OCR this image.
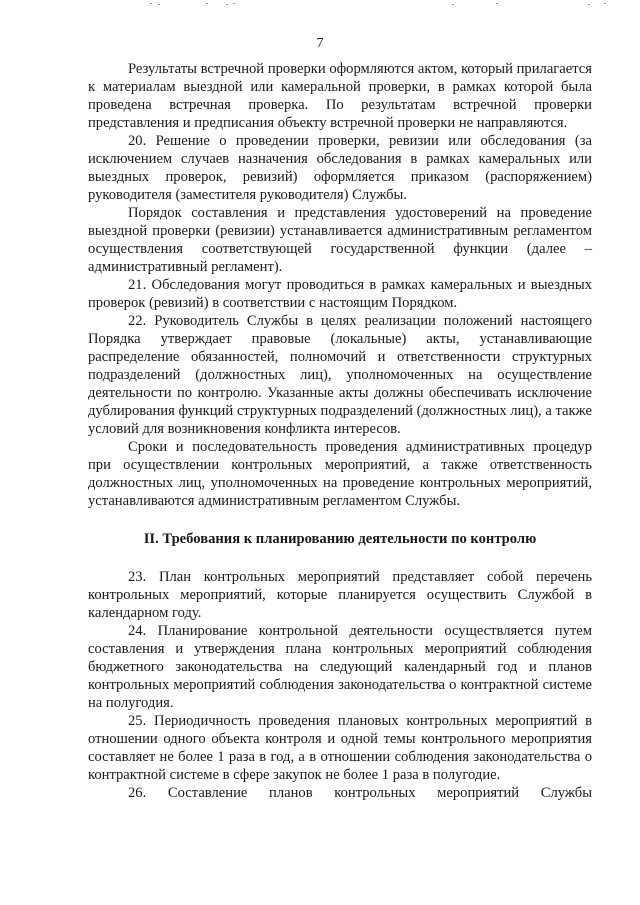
7

Результаты встречной проверки оформляются актом, который прилагается к материалам выездной или камеральной проверки, в рамках которой была проведена встречная проверка. По результатам встречной проверки представления и предписания объекту встречной проверки не направляются.

20. Решение о проведении проверки, ревизии или обследования (за исключением случаев назначения обследования в рамках камеральных или выездных проверок, ревизий) оформляется приказом (распоряжением) руководителя (заместителя руководителя) Службы.

Порядок составления и представления удостоверений на проведение выездной проверки (ревизии) устанавливается административным регламентом осуществления соответствующей государственной функции (далее – административный регламент).

21. Обследования могут проводиться в рамках камеральных и выездных проверок (ревизий) в соответствии с настоящим Порядком.

22. Руководитель Службы в целях реализации положений настоящего Порядка утверждает правовые (локальные) акты, устанавливающие распределение обязанностей, полномочий и ответственности структурных подразделений (должностных лиц), уполномоченных на осуществление деятельности по контролю. Указанные акты должны обеспечивать исключение дублирования функций структурных подразделений (должностных лиц), а также условий для возникновения конфликта интересов.

Сроки и последовательность проведения административных процедур при осуществлении контрольных мероприятий, а также ответственность должностных лиц, уполномоченных на проведение контрольных мероприятий, устанавливаются административным регламентом Службы.

II. Требования к планированию деятельности по контролю

23. План контрольных мероприятий представляет собой перечень контрольных мероприятий, которые планируется осуществить Службой в календарном году.

24. Планирование контрольной деятельности осуществляется путем составления и утверждения плана контрольных мероприятий соблюдения бюджетного законодательства на следующий календарный год и планов контрольных мероприятий соблюдения законодательства о контрактной системе на полугодия.

25. Периодичность проведения плановых контрольных мероприятий в отношении одного объекта контроля и одной темы контрольного мероприятия составляет не более 1 раза в год, а в отношении соблюдения законодательства о контрактной системе в сфере закупок не более 1 раза в полугодие.

26. Составление планов контрольных мероприятий Службы
